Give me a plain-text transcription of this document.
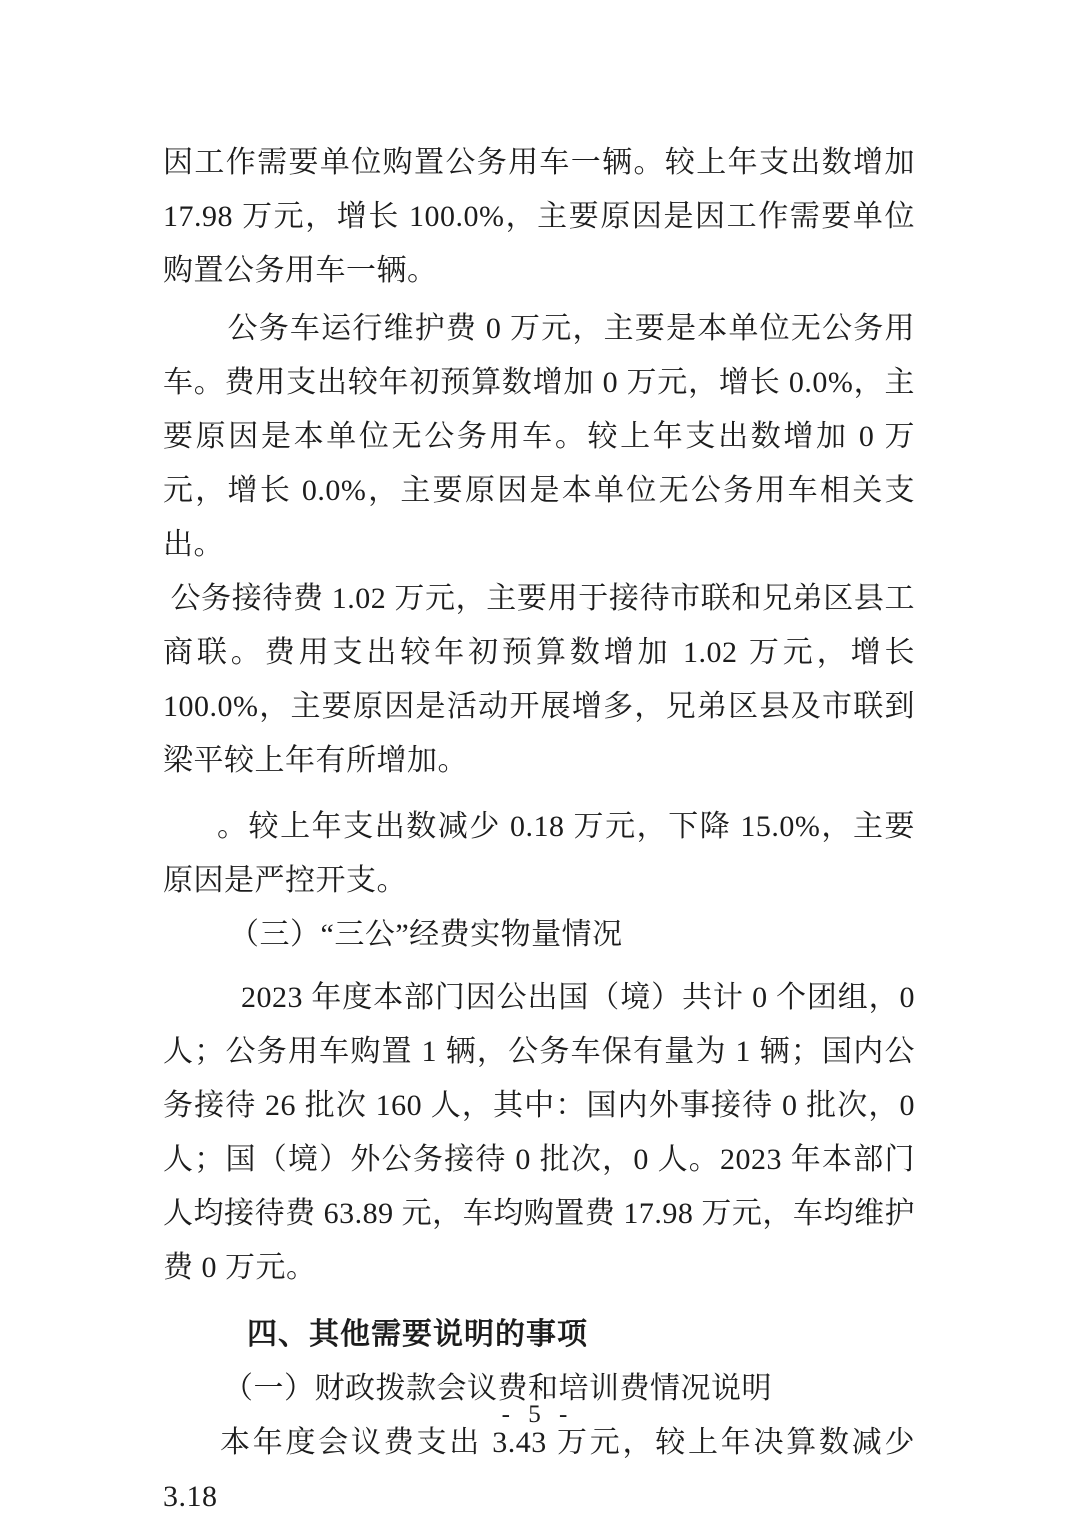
因工作需要单位购置公务用车一辆。较上年支出数增加 17.98 万元，增长 100.0%，主要原因是因工作需要单位购置公务用车一辆。

公务车运行维护费 0 万元，主要是本单位无公务用车。费用支出较年初预算数增加 0 万元，增长 0.0%，主要原因是本单位无公务用车。较上年支出数增加 0 万元，增长 0.0%，主要原因是本单位无公务用车相关支出。

公务接待费 1.02 万元，主要用于接待市联和兄弟区县工商联。费用支出较年初预算数增加 1.02 万元，增长 100.0%，主要原因是活动开展增多，兄弟区县及市联到梁平较上年有所增加。

。较上年支出数减少 0.18 万元，下降 15.0%，主要原因是严控开支。

（三）“三公”经费实物量情况

2023 年度本部门因公出国（境）共计 0 个团组，0 人；公务用车购置 1 辆，公务车保有量为 1 辆；国内公务接待 26 批次 160 人，其中：国内外事接待 0 批次，0 人；国（境）外公务接待 0 批次，0 人。2023 年本部门人均接待费 63.89 元，车均购置费 17.98 万元，车均维护费 0 万元。

四、其他需要说明的事项

（一）财政拨款会议费和培训费情况说明

本年度会议费支出 3.43 万元，较上年决算数减少 3.18

- 5 -
